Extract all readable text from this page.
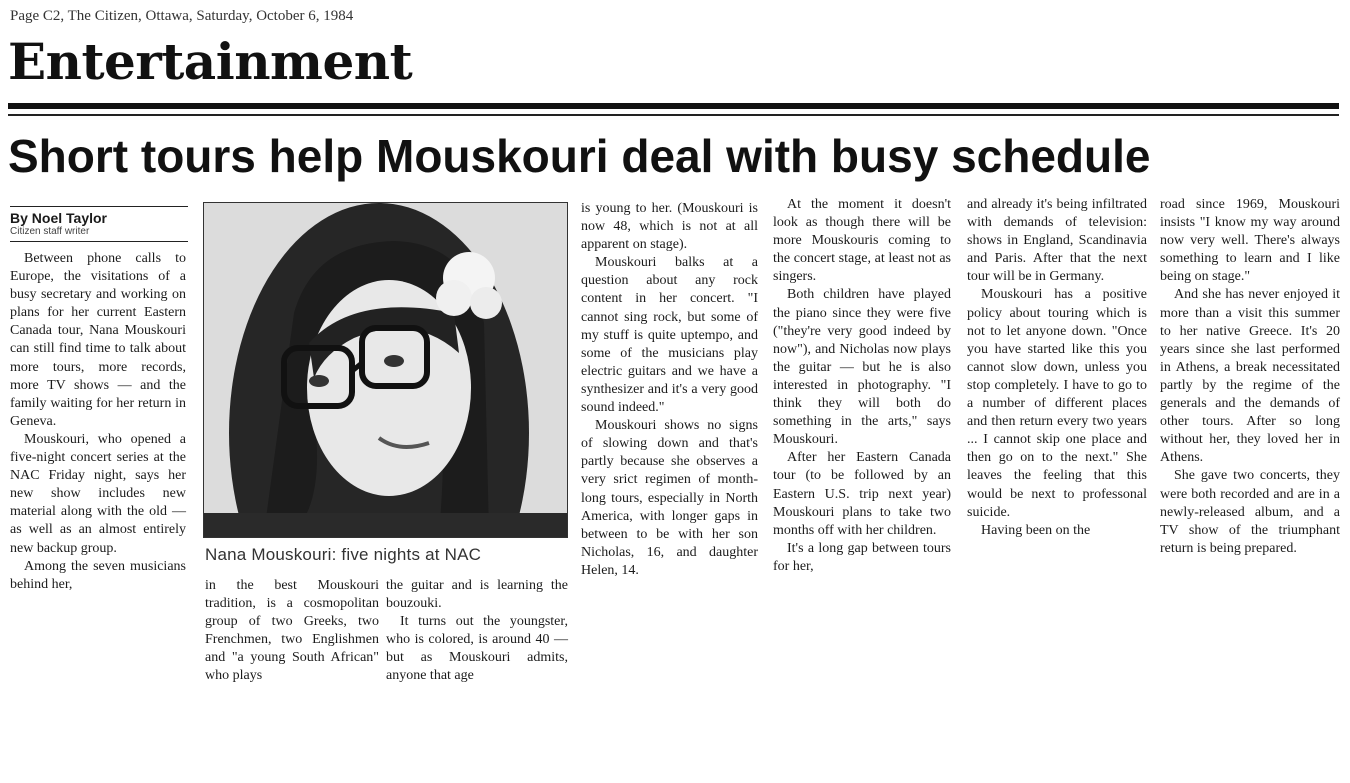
Page C2, The Citizen, Ottawa, Saturday, October 6, 1984
Entertainment
Short tours help Mouskouri deal with busy schedule
By Noel Taylor
Citizen staff writer

Between phone calls to Europe, the visitations of a busy secretary and working on plans for her current Eastern Canada tour, Nana Mouskouri can still find time to talk about more tours, more records, more TV shows — and the family waiting for her return in Geneva.

Mouskouri, who opened a five-night concert series at the NAC Friday night, says her new show includes new material along with the old — as well as an almost entirely new backup group.

Among the seven musicians behind her,

Nana Mouskouri: five nights at NAC

in the best Mouskouri tradition, is a cosmopolitan group of two Greeks, two Frenchmen, two Englishmen and "a young South African" who plays

the guitar and is learning the bouzouki.

It turns out the youngster, who is colored, is around 40 — but as Mouskouri admits, anyone that age

is young to her. (Mouskouri is now 48, which is not at all apparent on stage).

Mouskouri balks at a question about any rock content in her concert. "I cannot sing rock, but some of my stuff is quite uptempo, and some of the musicians play electric guitars and we have a synthesizer and it's a very good sound indeed."

Mouskouri shows no signs of slowing down and that's partly because she observes a very srict regimen of month-long tours, especially in North America, with longer gaps in between to be with her son Nicholas, 16, and daughter Helen, 14.

At the moment it doesn't look as though there will be more Mouskouris coming to the concert stage, at least not as singers.

Both children have played the piano since they were five ("they're very good indeed by now"), and Nicholas now plays the guitar — but he is also interested in photography. "I think they will both do something in the arts," says Mouskouri.

After her Eastern Canada tour (to be followed by an Eastern U.S. trip next year) Mouskouri plans to take two months off with her children.

It's a long gap between tours for her,

and already it's being infiltrated with demands of television: shows in England, Scandinavia and Paris. After that the next tour will be in Germany.

Mouskouri has a positive policy about touring which is not to let anyone down. "Once you have started like this you cannot slow down, unless you stop completely. I have to go to a number of different places and then return every two years ... I cannot skip one place and then go on to the next." She leaves the feeling that this would be next to professonal suicide.

Having been on the

road since 1969, Mouskouri insists "I know my way around now very well. There's always something to learn and I like being on stage."

And she has never enjoyed it more than a visit this summer to her native Greece. It's 20 years since she last performed in Athens, a break necessitated partly by the regime of the generals and the demands of other tours. After so long without her, they loved her in Athens.

She gave two concerts, they were both recorded and are in a newly-released album, and a TV show of the triumphant return is being prepared.
